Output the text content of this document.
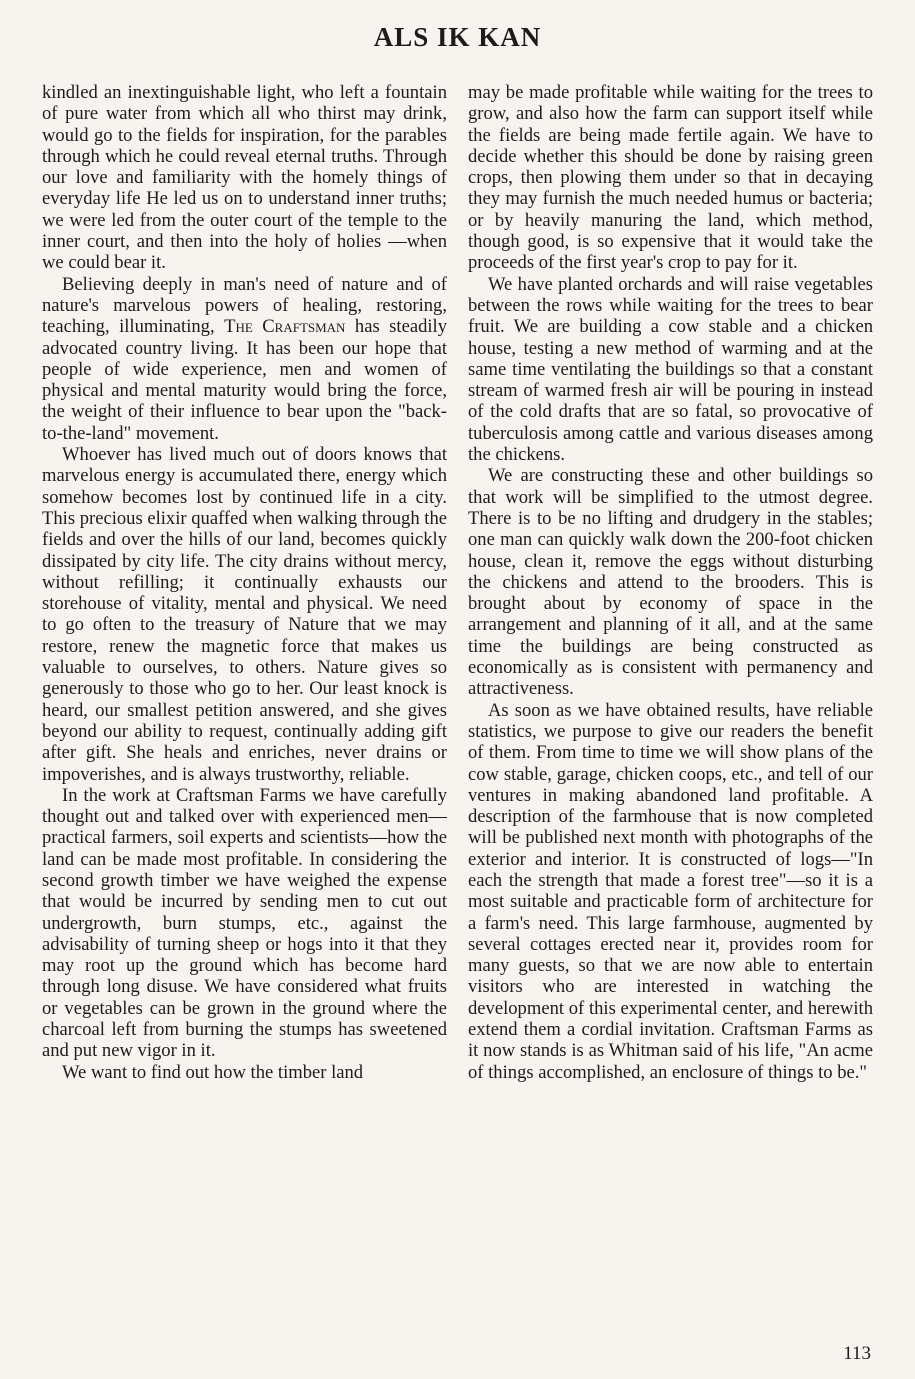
ALS IK KAN

kindled an inextinguishable light, who left a fountain of pure water from which all who thirst may drink, would go to the fields for inspiration, for the parables through which he could reveal eternal truths. Through our love and familiarity with the homely things of everyday life He led us on to understand inner truths; we were led from the outer court of the temple to the inner court, and then into the holy of holies —when we could bear it.

Believing deeply in man's need of nature and of nature's marvelous powers of healing, restoring, teaching, illuminating, The Craftsman has steadily advocated country living. It has been our hope that people of wide experience, men and women of physical and mental maturity would bring the force, the weight of their influence to bear upon the "back-to-the-land" movement.

Whoever has lived much out of doors knows that marvelous energy is accumulated there, energy which somehow becomes lost by continued life in a city. This precious elixir quaffed when walking through the fields and over the hills of our land, becomes quickly dissipated by city life. The city drains without mercy, without refilling; it continually exhausts our storehouse of vitality, mental and physical. We need to go often to the treasury of Nature that we may restore, renew the magnetic force that makes us valuable to ourselves, to others. Nature gives so generously to those who go to her. Our least knock is heard, our smallest petition answered, and she gives beyond our ability to request, continually adding gift after gift. She heals and enriches, never drains or impoverishes, and is always trustworthy, reliable.

In the work at Craftsman Farms we have carefully thought out and talked over with experienced men—practical farmers, soil experts and scientists—how the land can be made most profitable. In considering the second growth timber we have weighed the expense that would be incurred by sending men to cut out undergrowth, burn stumps, etc., against the advisability of turning sheep or hogs into it that they may root up the ground which has become hard through long disuse. We have considered what fruits or vegetables can be grown in the ground where the charcoal left from burning the stumps has sweetened and put new vigor in it.

We want to find out how the timber land

may be made profitable while waiting for the trees to grow, and also how the farm can support itself while the fields are being made fertile again. We have to decide whether this should be done by raising green crops, then plowing them under so that in decaying they may furnish the much needed humus or bacteria; or by heavily manuring the land, which method, though good, is so expensive that it would take the proceeds of the first year's crop to pay for it.

We have planted orchards and will raise vegetables between the rows while waiting for the trees to bear fruit. We are building a cow stable and a chicken house, testing a new method of warming and at the same time ventilating the buildings so that a constant stream of warmed fresh air will be pouring in instead of the cold drafts that are so fatal, so provocative of tuberculosis among cattle and various diseases among the chickens.

We are constructing these and other buildings so that work will be simplified to the utmost degree. There is to be no lifting and drudgery in the stables; one man can quickly walk down the 200-foot chicken house, clean it, remove the eggs without disturbing the chickens and attend to the brooders. This is brought about by economy of space in the arrangement and planning of it all, and at the same time the buildings are being constructed as economically as is consistent with permanency and attractiveness.

As soon as we have obtained results, have reliable statistics, we purpose to give our readers the benefit of them. From time to time we will show plans of the cow stable, garage, chicken coops, etc., and tell of our ventures in making abandoned land profitable. A description of the farmhouse that is now completed will be published next month with photographs of the exterior and interior. It is constructed of logs—"In each the strength that made a forest tree"—so it is a most suitable and practicable form of architecture for a farm's need. This large farmhouse, augmented by several cottages erected near it, provides room for many guests, so that we are now able to entertain visitors who are interested in watching the development of this experimental center, and herewith extend them a cordial invitation. Craftsman Farms as it now stands is as Whitman said of his life, "An acme of things accomplished, an enclosure of things to be."

113
